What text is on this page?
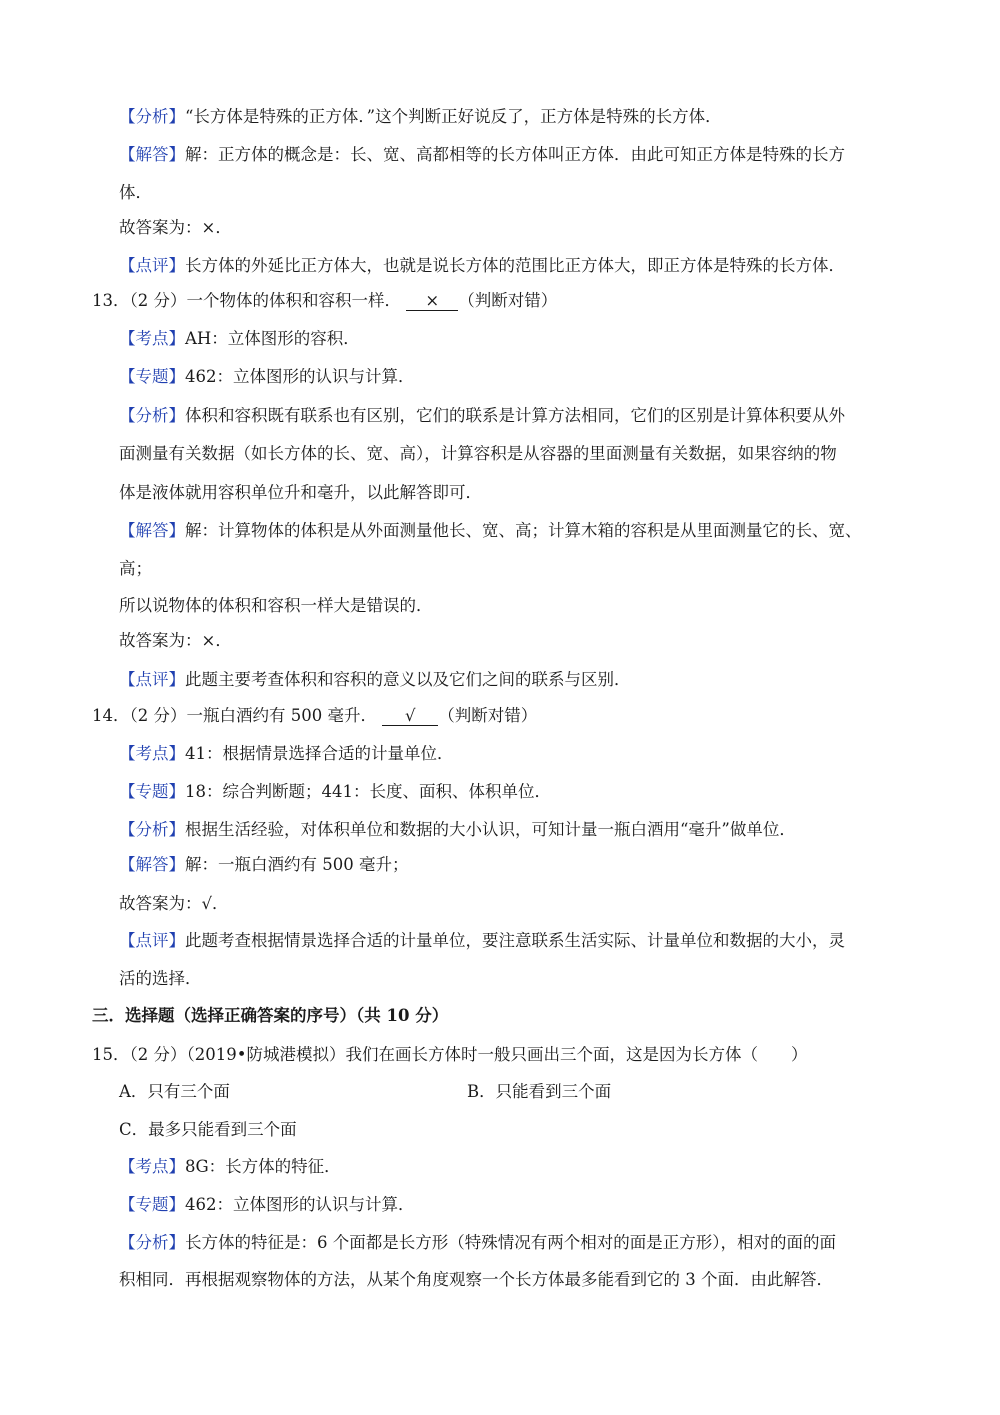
【分析】“长方体是特殊的正方体．”这个判断正好说反了，正方体是特殊的长方体．
【解答】解：正方体的概念是：长、宽、高都相等的长方体叫正方体．由此可知正方体是特殊的长方
体．
故答案为：×．
【点评】长方体的外延比正方体大，也就是说长方体的范围比正方体大，即正方体是特殊的长方体．
13．（2 分）一个物体的体积和容积一样． × （判断对错）
【考点】AH：立体图形的容积．
【专题】462：立体图形的认识与计算．
【分析】体积和容积既有联系也有区别，它们的联系是计算方法相同，它们的区别是计算体积要从外
面测量有关数据（如长方体的长、宽、高），计算容积是从容器的里面测量有关数据，如果容纳的物
体是液体就用容积单位升和毫升，以此解答即可．
【解答】解：计算物体的体积是从外面测量他长、宽、高；计算木箱的容积是从里面测量它的长、宽、
高；
所以说物体的体积和容积一样大是错误的．
故答案为：×．
【点评】此题主要考查体积和容积的意义以及它们之间的联系与区别．
14．（2 分）一瓶白酒约有 500 毫升． √ （判断对错）
【考点】41：根据情景选择合适的计量单位．
【专题】18：综合判断题；441：长度、面积、体积单位．
【分析】根据生活经验，对体积单位和数据的大小认识，可知计量一瓶白酒用“毫升”做单位．
【解答】解：一瓶白酒约有 500 毫升；
故答案为：√．
【点评】此题考查根据情景选择合适的计量单位，要注意联系生活实际、计量单位和数据的大小，灵
活的选择．
三．选择题（选择正确答案的序号）（共 10 分）
15．（2 分）（2019•防城港模拟）我们在画长方体时一般只画出三个面，这是因为长方体（　　）
A．只有三个面	B．只能看到三个面
C．最多只能看到三个面
【考点】8G：长方体的特征．
【专题】462：立体图形的认识与计算．
【分析】长方体的特征是：6 个面都是长方形（特殊情况有两个相对的面是正方形），相对的面的面
积相同．再根据观察物体的方法，从某个角度观察一个长方体最多能看到它的 3 个面．由此解答．
